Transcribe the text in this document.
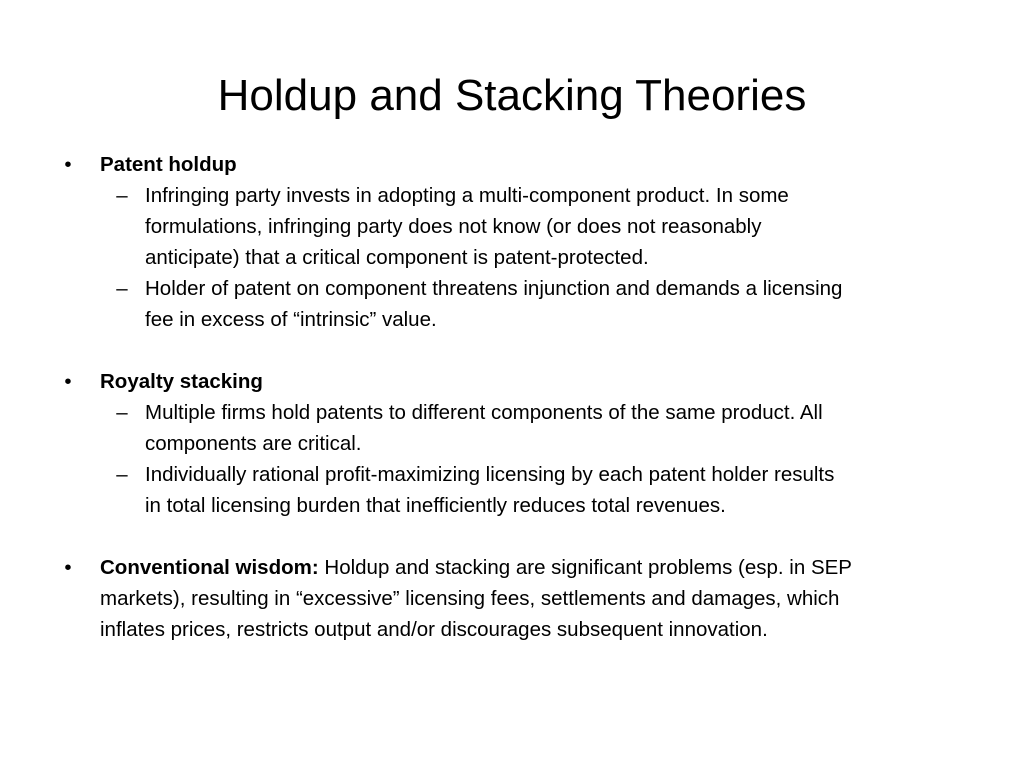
Holdup and Stacking Theories
•	Patent holdup
– Infringing party invests in adopting a multi-component product. In some
formulations, infringing party does not know (or does not reasonably
anticipate) that a critical component is patent-protected.
– Holder of patent on component threatens injunction and demands a licensing
fee in excess of “intrinsic” value.
•	Royalty stacking
– Multiple firms hold patents to different components of the same product. All
components are critical.
– Individually rational profit-maximizing licensing by each patent holder results
in total licensing burden that inefficiently reduces total revenues.
•	Conventional wisdom: Holdup and stacking are significant problems (esp. in SEP
markets), resulting in “excessive” licensing fees, settlements and damages, which
inflates prices, restricts output and/or discourages subsequent innovation.
